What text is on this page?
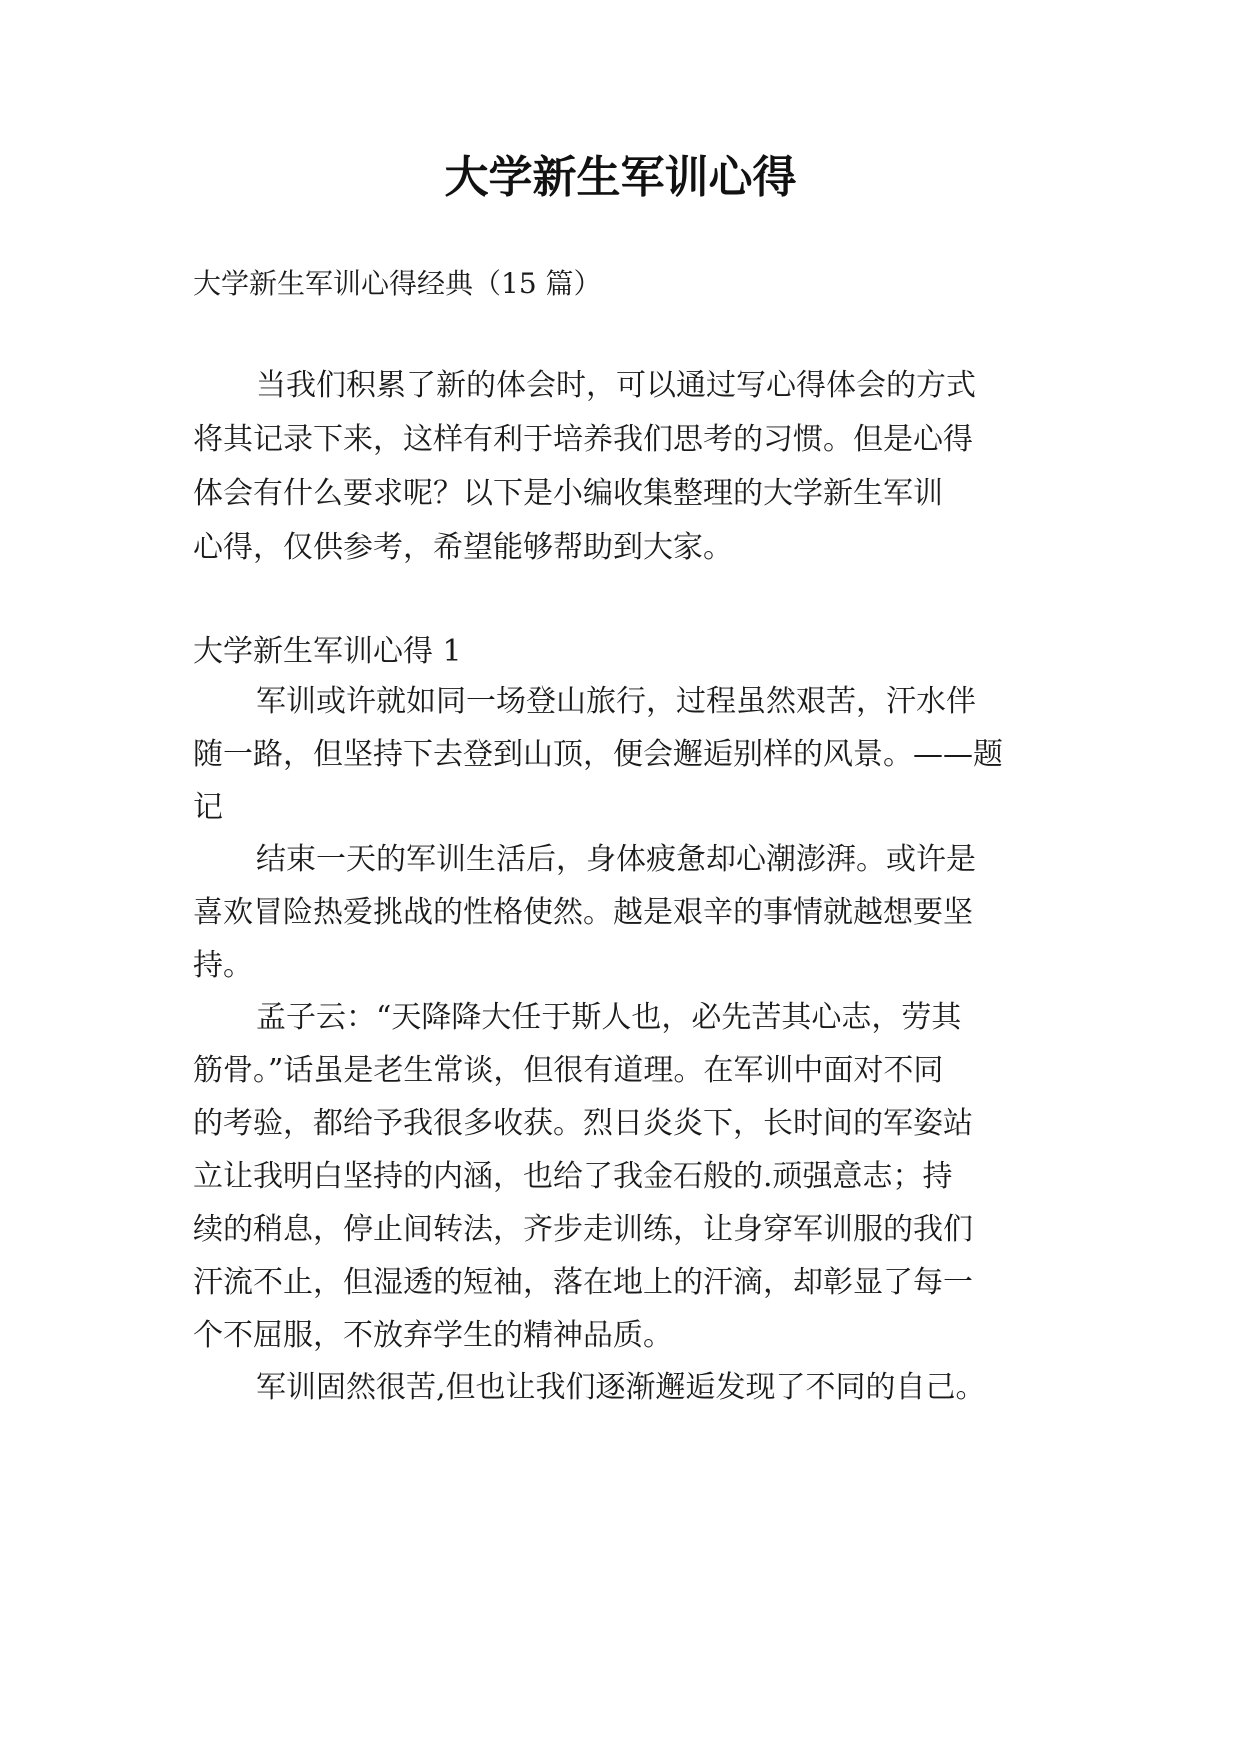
大学新生军训心得

大学新生军训心得经典（15 篇）

当我们积累了新的体会时，可以通过写心得体会的方式

将其记录下来，这样有利于培养我们思考的习惯。但是心得

体会有什么要求呢？以下是小编收集整理的大学新生军训

心得，仅供参考，希望能够帮助到大家。

大学新生军训心得 1

军训或许就如同一场登山旅行，过程虽然艰苦，汗水伴

随一路，但坚持下去登到山顶，便会邂逅别样的风景。——题

记

结束一天的军训生活后，身体疲惫却心潮澎湃。或许是

喜欢冒险热爱挑战的性格使然。越是艰辛的事情就越想要坚

持。

孟子云：“天降降大任于斯人也，必先苦其心志，劳其

筋骨。”话虽是老生常谈，但很有道理。在军训中面对不同

的考验，都给予我很多收获。烈日炎炎下，长时间的军姿站

立让我明白坚持的内涵，也给了我金石般的.顽强意志；持

续的稍息，停止间转法，齐步走训练，让身穿军训服的我们

汗流不止，但湿透的短袖，落在地上的汗滴，却彰显了每一

个不屈服，不放弃学生的精神品质。

军训固然很苦,但也让我们逐渐邂逅发现了不同的自己。
